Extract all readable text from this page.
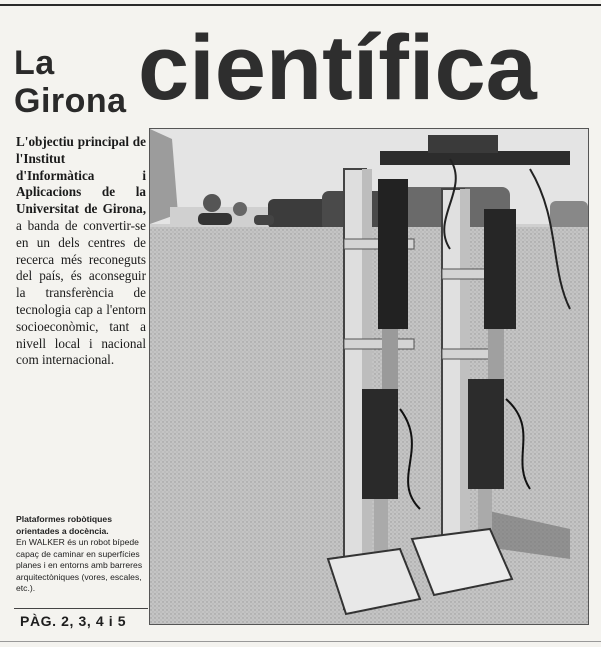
La
Girona científica
L'objectiu principal de l'Institut d'Informàtica i Aplicacions de la Universitat de Girona, a banda de convertir-se en un dels centres de recerca més reconeguts del país, és aconseguir la transferència de tecnologia cap a l'entorn socioeconòmic, tant a nivell local i nacional com internacional.
Plataformes robòtiques orientades a docència.
En WALKER és un robot bípede capaç de caminar en superfícies planes i en entorns amb barreres arquitectòniques (vores, escales, etc.).
PÀG. 2, 3, 4 i 5
